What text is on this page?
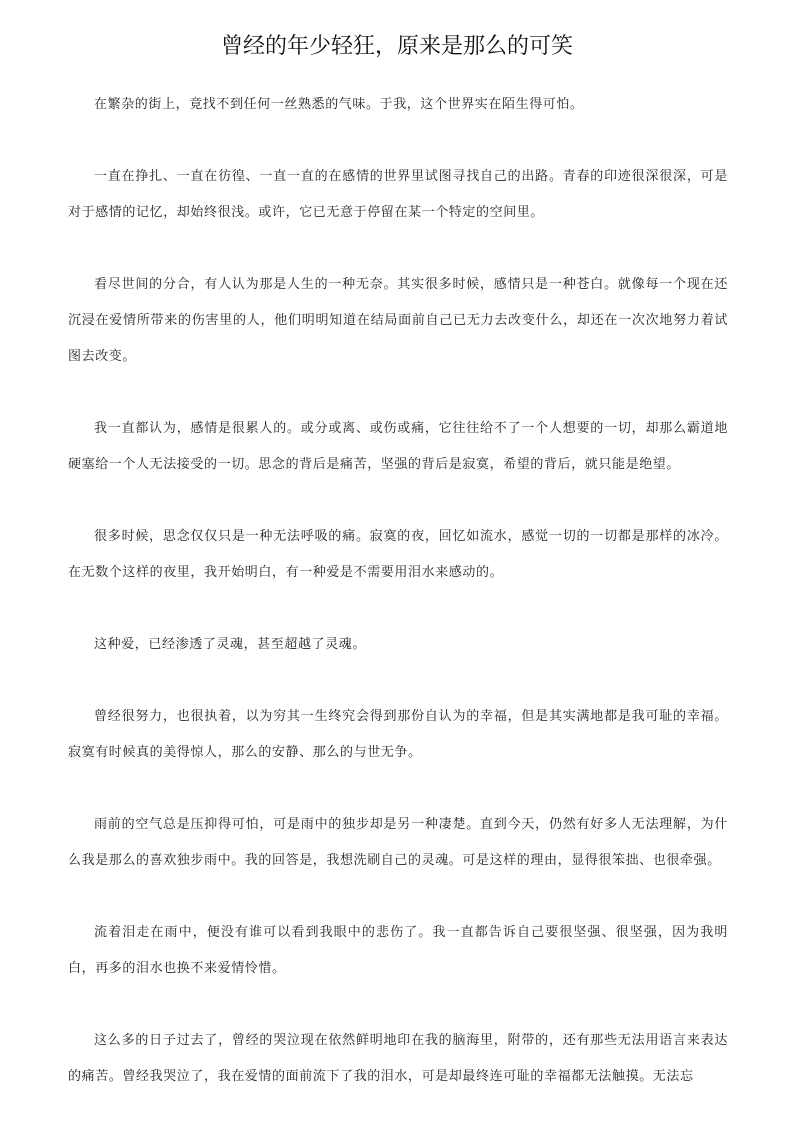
曾经的年少轻狂，原来是那么的可笑

在繁杂的街上，竟找不到任何一丝熟悉的气味。于我，这个世界实在陌生得可怕。

一直在挣扎、一直在彷徨、一直一直的在感情的世界里试图寻找自己的出路。青春的印迹很深很深，可是对于感情的记忆，却始终很浅。或许，它已无意于停留在某一个特定的空间里。

看尽世间的分合，有人认为那是人生的一种无奈。其实很多时候，感情只是一种苍白。就像每一个现在还沉浸在爱情所带来的伤害里的人，他们明明知道在结局面前自己已无力去改变什么，却还在一次次地努力着试图去改变。

我一直都认为，感情是很累人的。或分或离、或伤或痛，它往往给不了一个人想要的一切，却那么霸道地硬塞给一个人无法接受的一切。思念的背后是痛苦，坚强的背后是寂寞，希望的背后，就只能是绝望。

很多时候，思念仅仅只是一种无法呼吸的痛。寂寞的夜，回忆如流水，感觉一切的一切都是那样的冰冷。在无数个这样的夜里，我开始明白，有一种爱是不需要用泪水来感动的。

这种爱，已经渗透了灵魂，甚至超越了灵魂。

曾经很努力，也很执着，以为穷其一生终究会得到那份自认为的幸福，但是其实满地都是我可耻的幸福。寂寞有时候真的美得惊人，那么的安静、那么的与世无争。

雨前的空气总是压抑得可怕，可是雨中的独步却是另一种凄楚。直到今天，仍然有好多人无法理解，为什么我是那么的喜欢独步雨中。我的回答是，我想洗刷自己的灵魂。可是这样的理由，显得很笨拙、也很牵强。

流着泪走在雨中，便没有谁可以看到我眼中的悲伤了。我一直都告诉自己要很坚强、很坚强，因为我明白，再多的泪水也换不来爱情怜惜。

这么多的日子过去了，曾经的哭泣现在依然鲜明地印在我的脑海里，附带的，还有那些无法用语言来表达的痛苦。曾经我哭泣了，我在爱情的面前流下了我的泪水，可是却最终连可耻的幸福都无法触摸。无法忘
